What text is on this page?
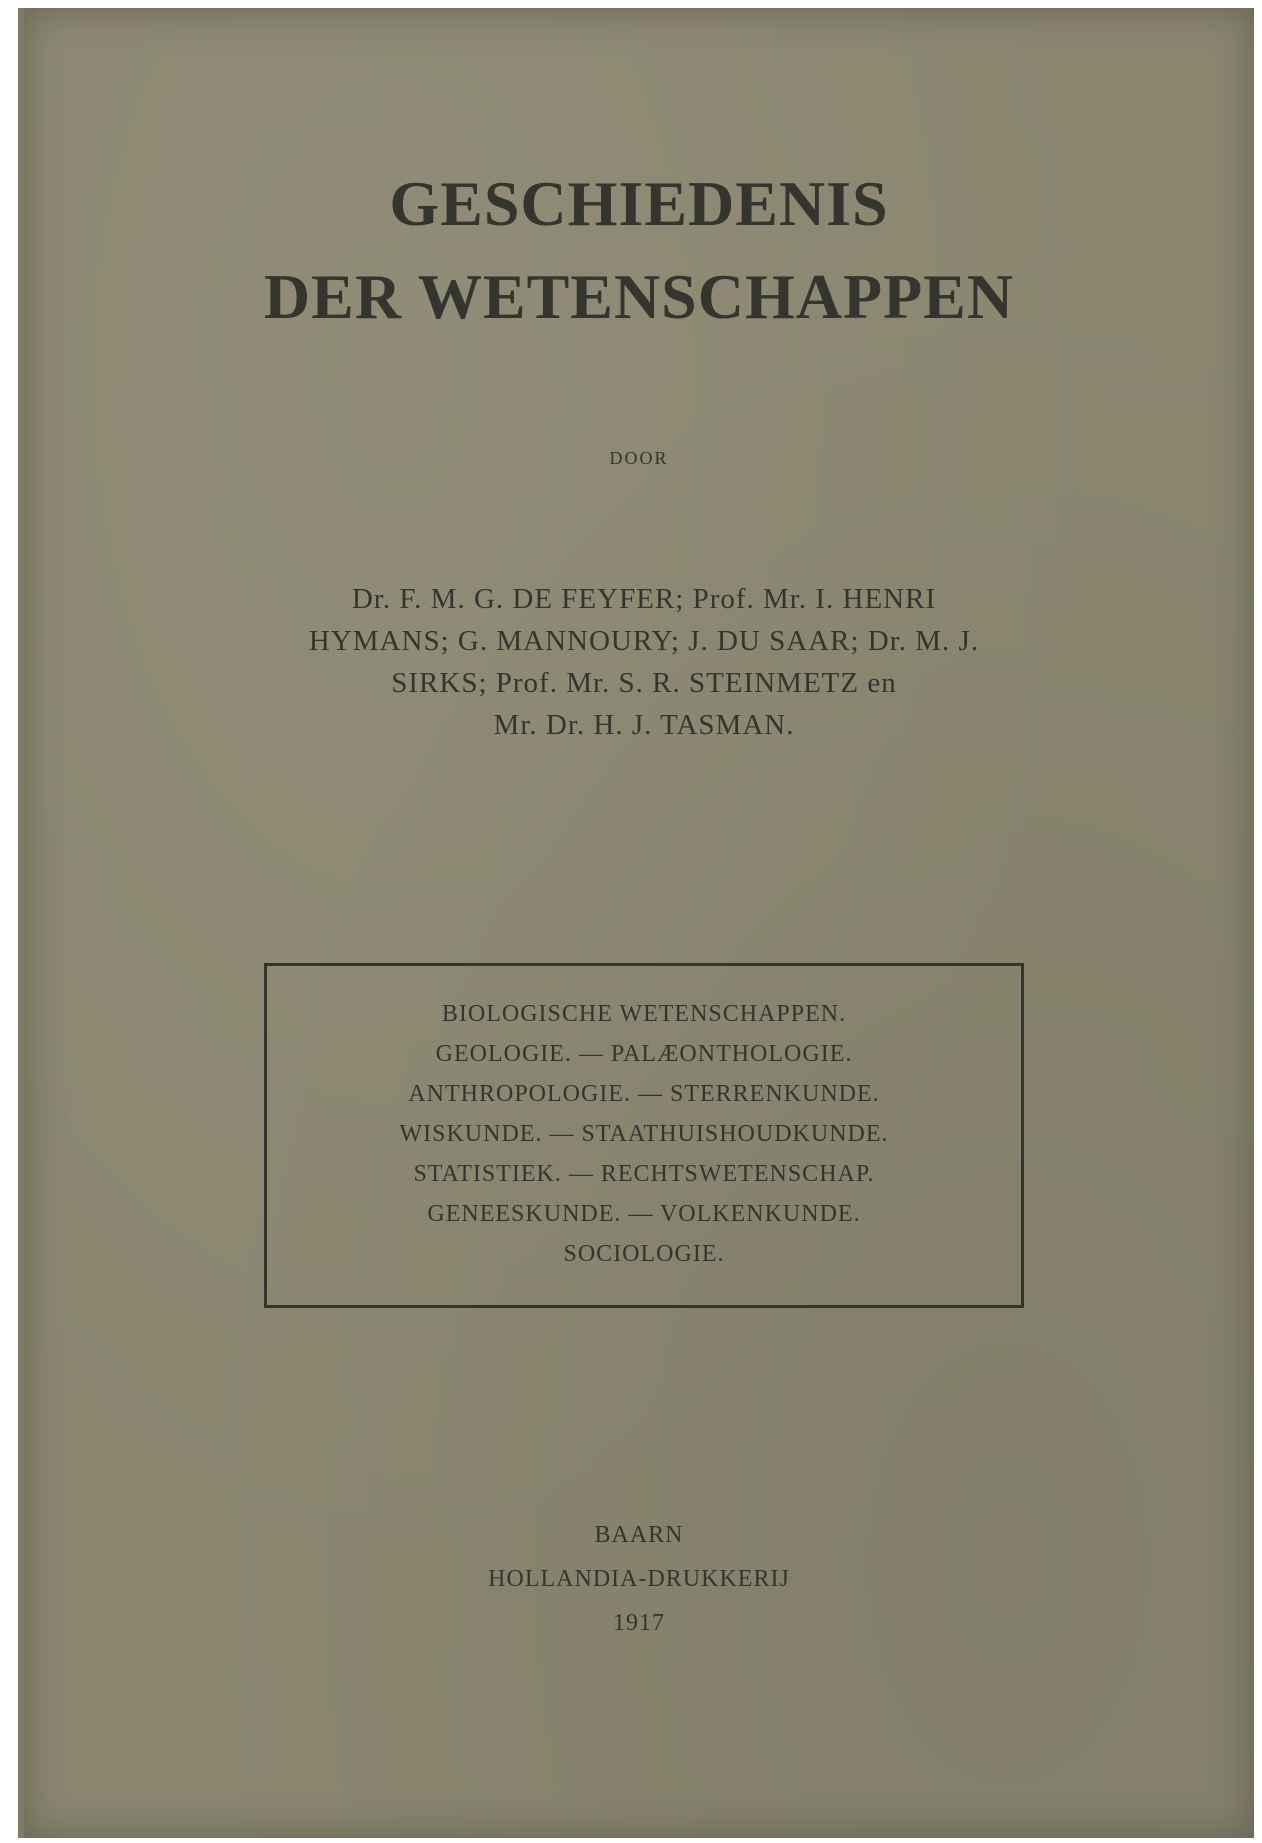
GESCHIEDENIS
DER WETENSCHAPPEN
DOOR
Dr. F. M. G. DE FEYFER; Prof. Mr. I. HENRI
HYMANS; G. MANNOURY; J. DU SAAR; Dr. M. J.
SIRKS; Prof. Mr. S. R. STEINMETZ en
Mr. Dr. H. J. TASMAN.
BIOLOGISCHE WETENSCHAPPEN.
GEOLOGIE. — PALÆONTHOLOGIE.
ANTHROPOLOGIE. — STERRENKUNDE.
WISKUNDE. — STAATHUISHOUDKUNDE.
STATISTIEK. — RECHTSWETENSCHAP.
GENEESKUNDE. — VOLKENKUNDE.
SOCIOLOGIE.
BAARN
HOLLANDIA-DRUKKERIJ
1917
